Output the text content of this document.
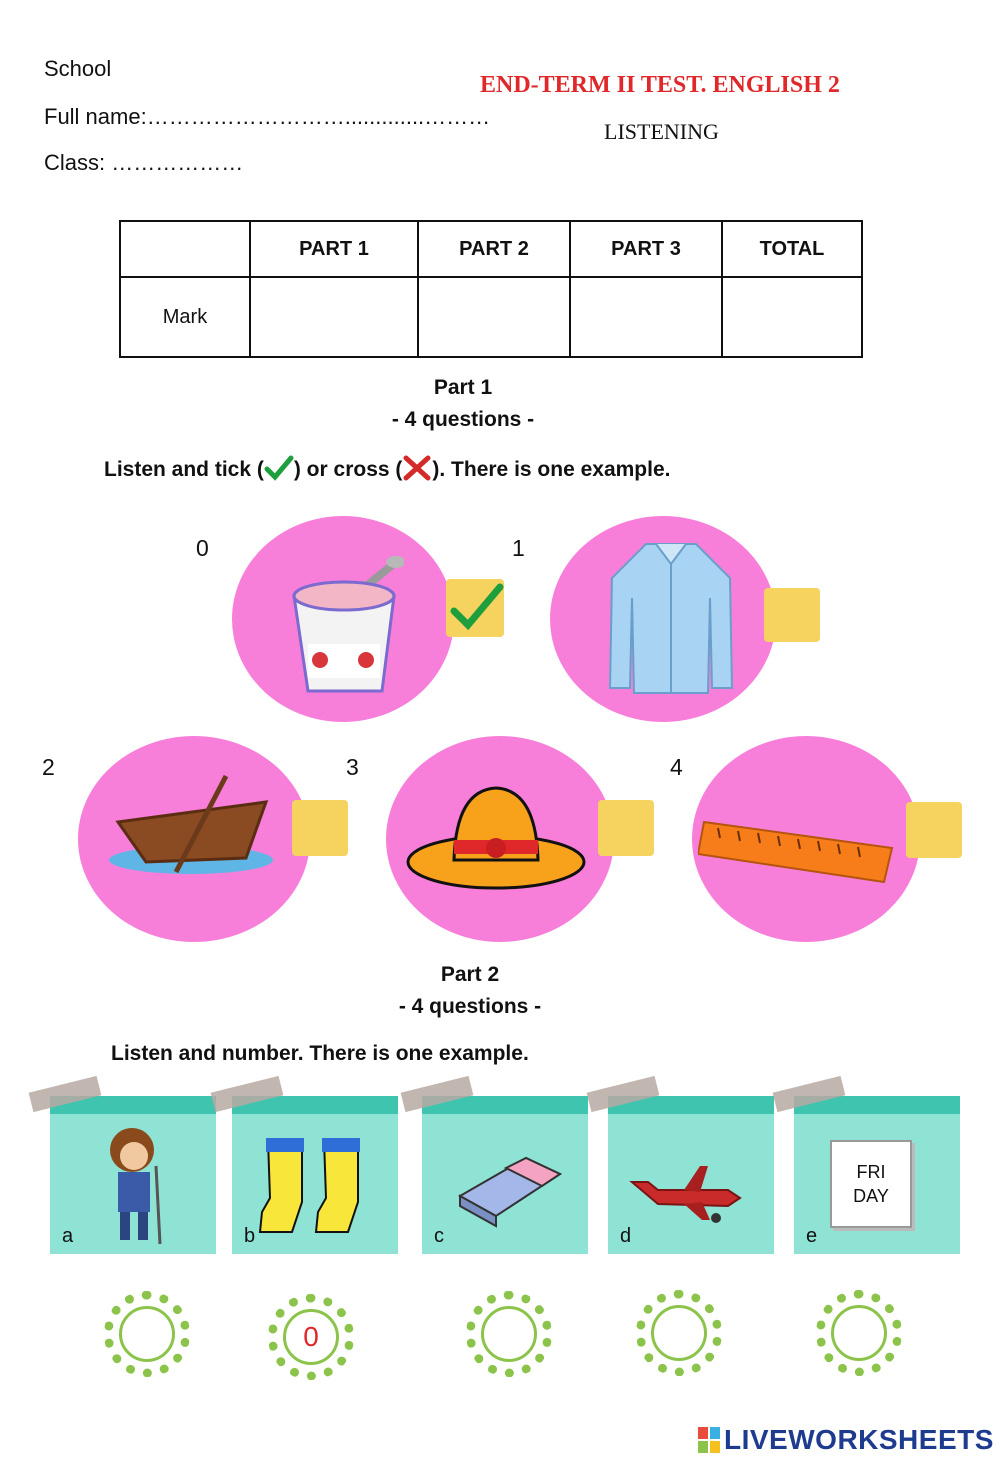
School
Full name:……………………….............………
Class: ………………
END-TERM II TEST. ENGLISH 2
LISTENING
	PART 1	PART 2	PART 3	TOTAL
Mark				
Part 1
- 4 questions -
Listen and tick ( ) or cross ( ). There is one example.
0	1
2	3	4
Part 2
- 4 questions -
Listen and number. There is one example.
a	b	c	d
FRI
DAY
e
0
LIVEWORKSHEETS
